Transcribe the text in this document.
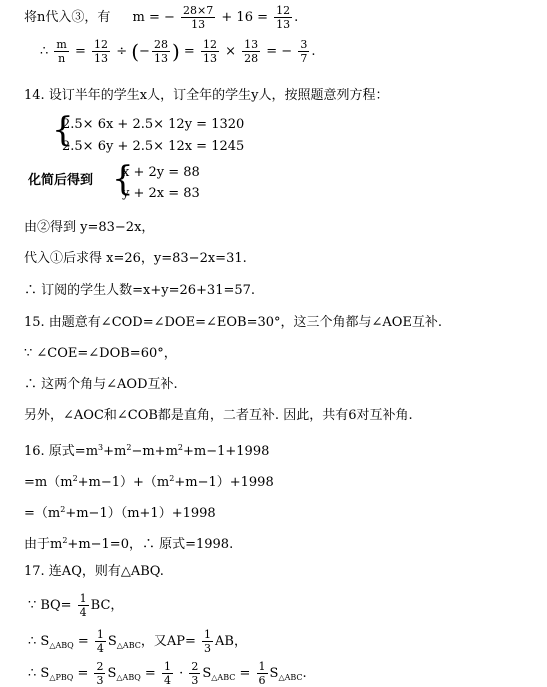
将n代入③，有 m = − $\frac{28\times 7}{13} + 16 = \frac{12}{13}$ .
∴ $\frac{m}{n} = \frac{12}{13}$ ÷ (− $\frac{28}{13}$ ) = $\frac{12}{13} \times \frac{13}{28}$ = − $\frac{3}{7}$ .
14. 设订半年的学生x人，订全年的学生y人，按照题意列方程：
{
2.5× 6x + 2.5× 12y = 1320
2.5× 6y + 2.5× 12x = 1245
化简后得到 {
x + 2y = 88
y + 2x = 83
由②得到 y=83−2x，
代入①后求得 x=26，y=83−2x=31.
∴ 订阅的学生人数=x+y=26+31=57.
15. 由题意有∠COD=∠DOE=∠EOB=30°，这三个角都与∠AOE互补.
∵ ∠COE=∠DOB=60°，
∴ 这两个角与∠AOD互补.
另外，∠AOC和∠COB都是直角，二者互补. 因此，共有6对互补角.
16. 原式$=m^3+m^2-m+m^2+m-1+1998$
$=m(m^2+m-1)+(m^2+m-1)+1998$
$=(m^2+m-1)(m+1)+1998$
由于$m^2+m-1=0$，∴ 原式=1998.
17. 连AQ，则有△ABQ.
∵ $BQ= \frac{1}{4}$ BC，
∴ $S_{\triangle ABQ} = \frac{1}{4} S_{\triangle ABC}$，又$AP= \frac{1}{3}$ AB，
∴ $S_{\triangle PBQ} = \frac{2}{3} S_{\triangle ABQ} = \frac{1}{4} \cdot \frac{2}{3} S_{\triangle ABC} = \frac{1}{6} S_{\triangle ABC}$.
